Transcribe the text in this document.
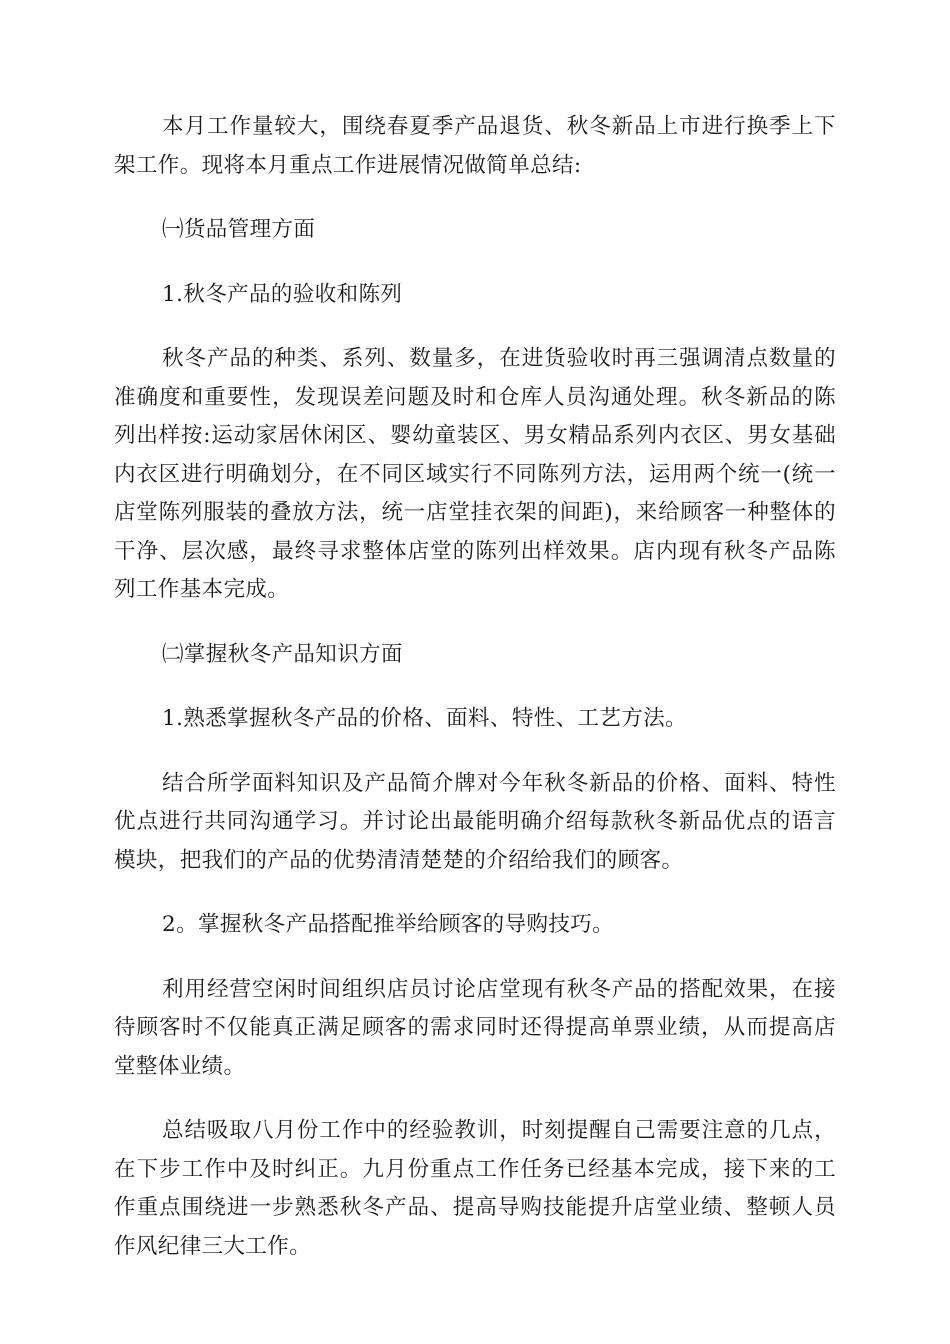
本月工作量较大，围绕春夏季产品退货、秋冬新品上市进行换季上下架工作。现将本月重点工作进展情况做简单总结:

㈠货品管理方面

1.秋冬产品的验收和陈列

秋冬产品的种类、系列、数量多，在进货验收时再三强调清点数量的准确度和重要性，发现误差问题及时和仓库人员沟通处理。秋冬新品的陈列出样按:运动家居休闲区、婴幼童装区、男女精品系列内衣区、男女基础内衣区进行明确划分，在不同区域实行不同陈列方法，运用两个统一(统一店堂陈列服装的叠放方法，统一店堂挂衣架的间距)，来给顾客一种整体的干净、层次感，最终寻求整体店堂的陈列出样效果。店内现有秋冬产品陈列工作基本完成。

㈡掌握秋冬产品知识方面

1.熟悉掌握秋冬产品的价格、面料、特性、工艺方法。

结合所学面料知识及产品简介牌对今年秋冬新品的价格、面料、特性优点进行共同沟通学习。并讨论出最能明确介绍每款秋冬新品优点的语言模块，把我们的产品的优势清清楚楚的介绍给我们的顾客。

2。掌握秋冬产品搭配推举给顾客的导购技巧。

利用经营空闲时间组织店员讨论店堂现有秋冬产品的搭配效果，在接待顾客时不仅能真正满足顾客的需求同时还得提高单票业绩，从而提高店堂整体业绩。

总结吸取八月份工作中的经验教训，时刻提醒自己需要注意的几点，在下步工作中及时纠正。九月份重点工作任务已经基本完成，接下来的工作重点围绕进一步熟悉秋冬产品、提高导购技能提升店堂业绩、整顿人员作风纪律三大工作。
